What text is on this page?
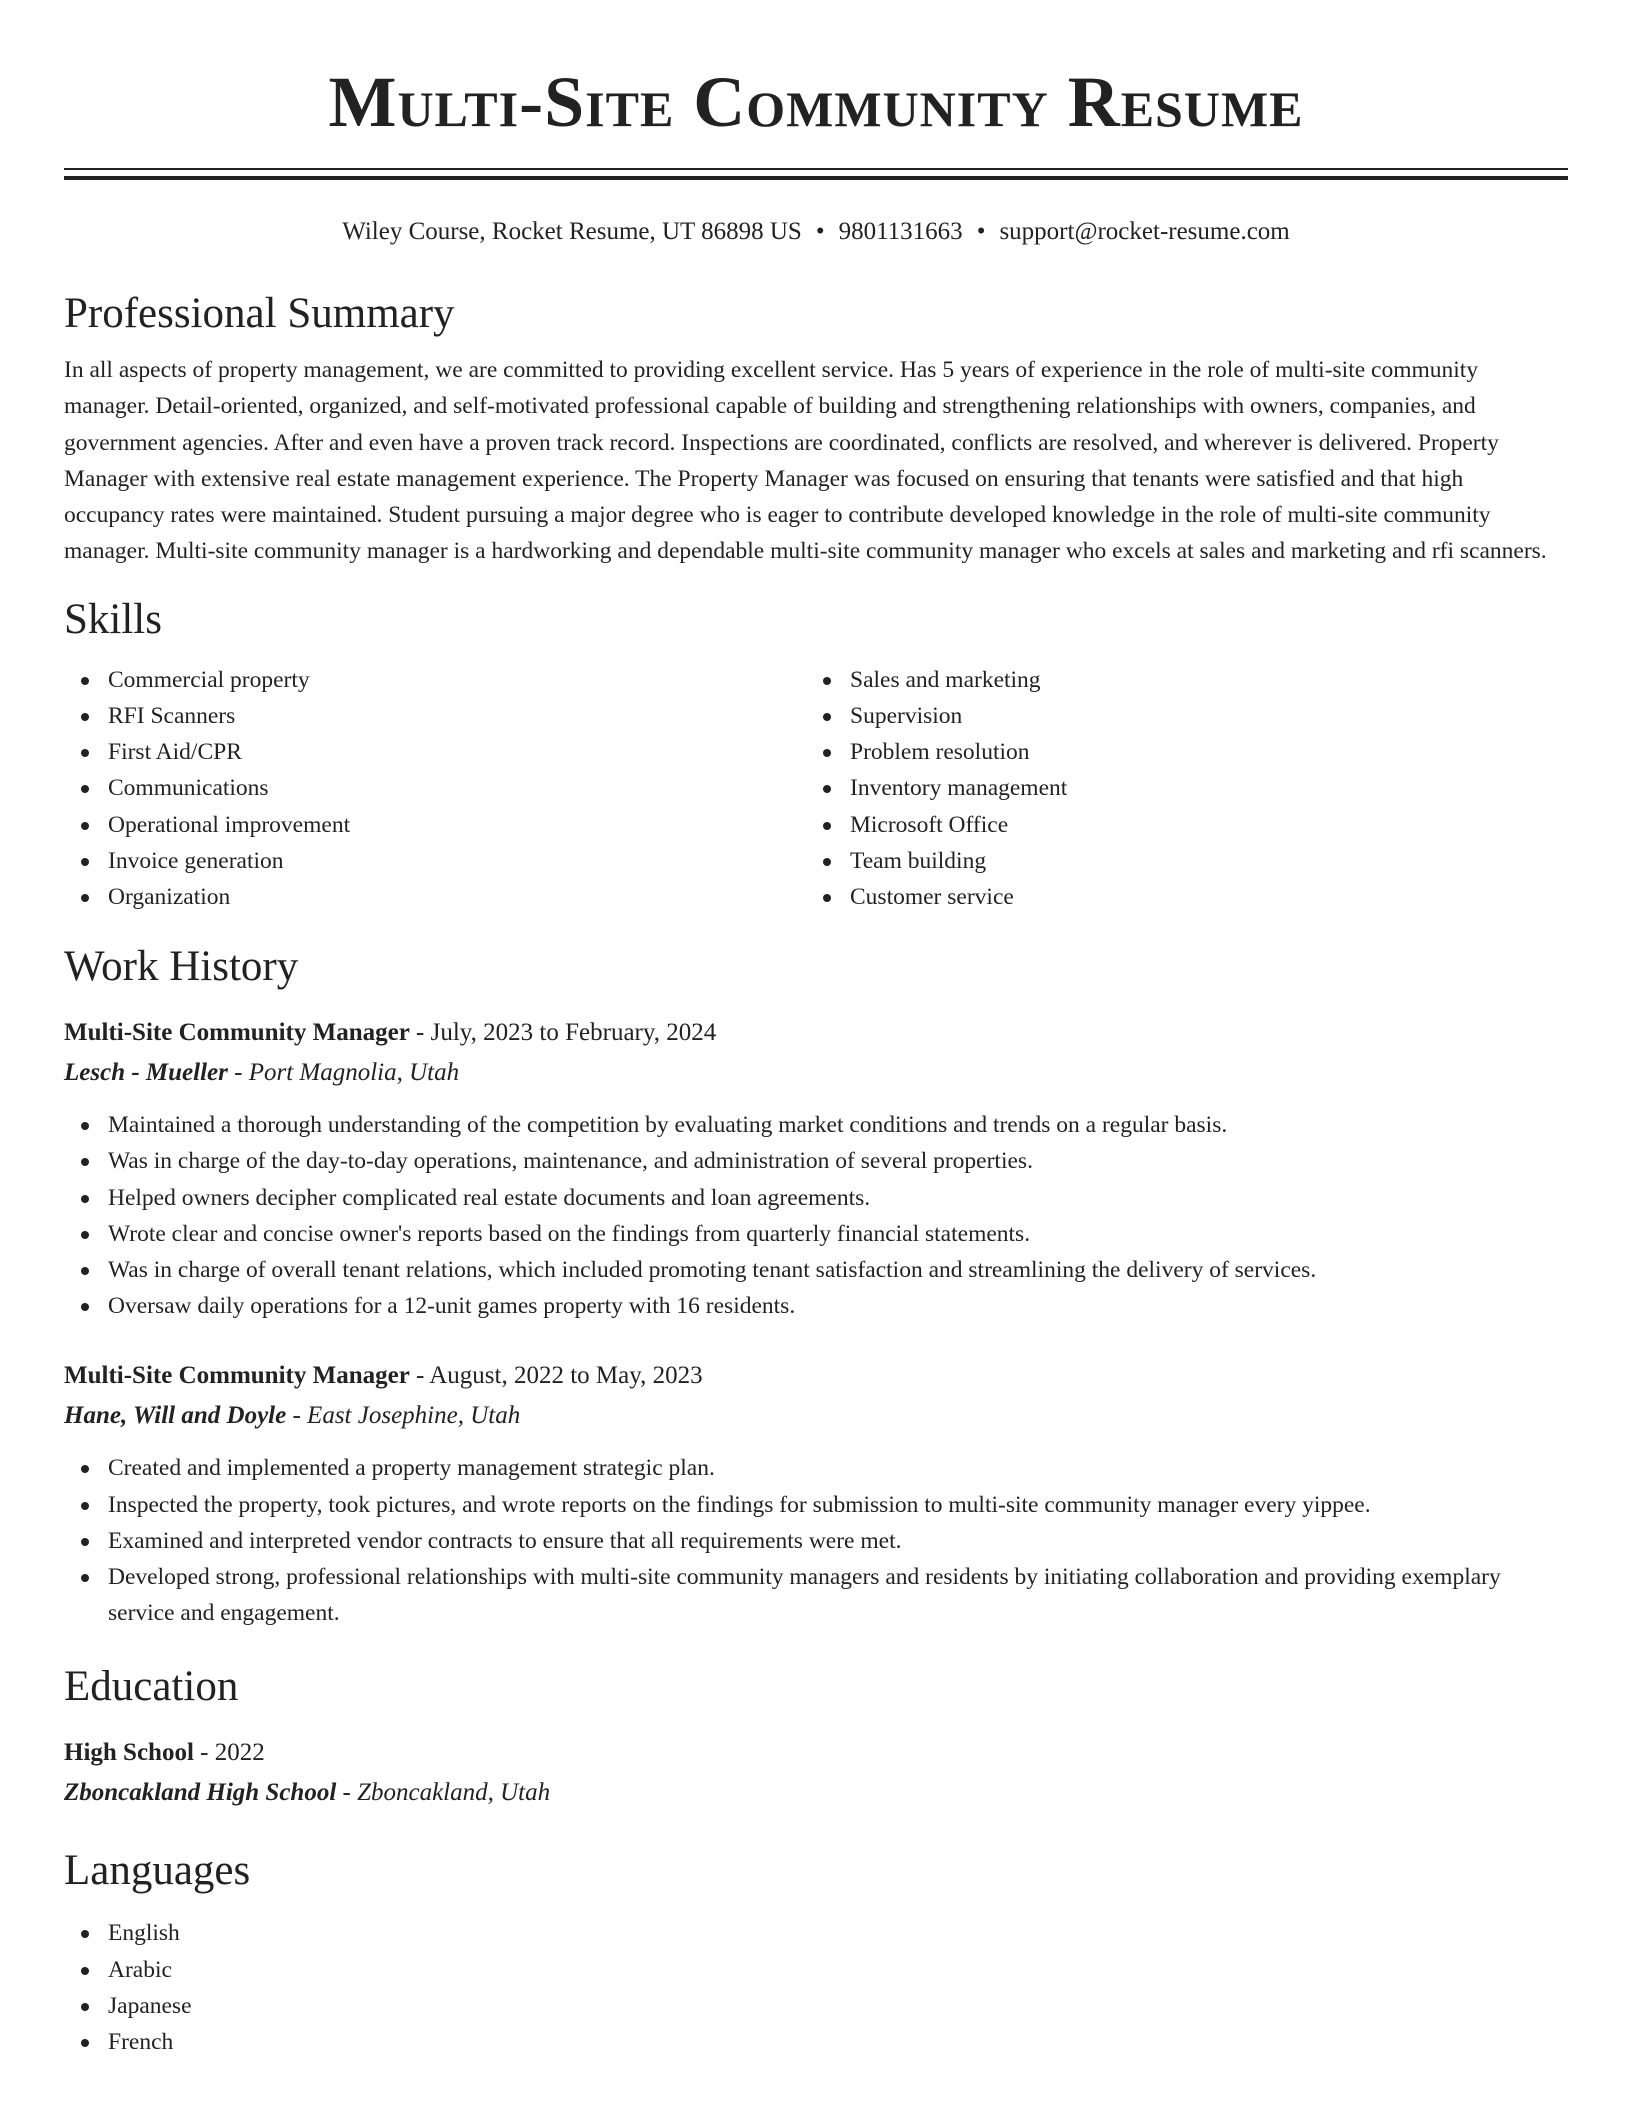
Multi-Site Community Resume
Wiley Course, Rocket Resume, UT 86898 US • 9801131663 • support@rocket-resume.com
Professional Summary

In all aspects of property management, we are committed to providing excellent service. Has 5 years of experience in the role of multi-site community manager. Detail-oriented, organized, and self-motivated professional capable of building and strengthening relationships with owners, companies, and government agencies. After and even have a proven track record. Inspections are coordinated, conflicts are resolved, and wherever is delivered. Property Manager with extensive real estate management experience. The Property Manager was focused on ensuring that tenants were satisfied and that high occupancy rates were maintained. Student pursuing a major degree who is eager to contribute developed knowledge in the role of multi-site community manager. Multi-site community manager is a hardworking and dependable multi-site community manager who excels at sales and marketing and rfi scanners.

Skills
Commercial property
RFI Scanners
First Aid/CPR
Communications
Operational improvement
Invoice generation
Organization
Sales and marketing
Supervision
Problem resolution
Inventory management
Microsoft Office
Team building
Customer service
Work History
Multi-Site Community Manager - July, 2023 to February, 2024
Lesch - Mueller - Port Magnolia, Utah
Maintained a thorough understanding of the competition by evaluating market conditions and trends on a regular basis.
Was in charge of the day-to-day operations, maintenance, and administration of several properties.
Helped owners decipher complicated real estate documents and loan agreements.
Wrote clear and concise owner's reports based on the findings from quarterly financial statements.
Was in charge of overall tenant relations, which included promoting tenant satisfaction and streamlining the delivery of services.
Oversaw daily operations for a 12-unit games property with 16 residents.
Multi-Site Community Manager - August, 2022 to May, 2023
Hane, Will and Doyle - East Josephine, Utah
Created and implemented a property management strategic plan.
Inspected the property, took pictures, and wrote reports on the findings for submission to multi-site community manager every yippee.
Examined and interpreted vendor contracts to ensure that all requirements were met.
Developed strong, professional relationships with multi-site community managers and residents by initiating collaboration and providing exemplary service and engagement.
Education
High School - 2022
Zboncakland High School - Zboncakland, Utah
Languages
English
Arabic
Japanese
French
